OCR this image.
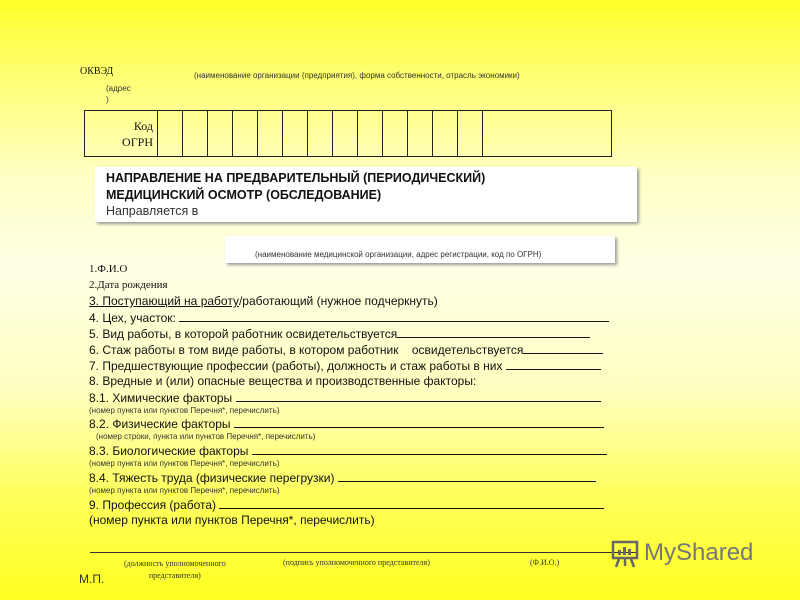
ОКВЭД	(наименование организации (предприятия), форма собственности, отрасль экономики)
(адрес
)
Код
ОГРН														
НАПРАВЛЕНИЕ НА ПРЕДВАРИТЕЛЬНЫЙ (ПЕРИОДИЧЕСКИЙ)
МЕДИЦИНСКИЙ ОСМОТР (ОБСЛЕДОВАНИЕ)
Направляется в
(наименование медицинской организации, адрес регистрации, код по ОГРН)
1.Ф.И.О
2.Дата рождения
3. Поступающий на работу/работающий (нужное подчеркнуть)
4. Цех, участок:
5. Вид работы, в которой работник освидетельствуется
6. Стаж работы в том виде работы, в котором работник    освидетельствуется
7. Предшествующие профессии (работы), должность и стаж работы в них
8. Вредные и (или) опасные вещества и производственные факторы:
8.1. Химические факторы
(номер пункта или пунктов Перечня*, перечислить)
8.2. Физические факторы
(номер строки, пункта или пунктов Перечня*, перечислить)
8.3. Биологические факторы
(номер пункта или пунктов Перечня*, перечислить)
8.4. Тяжесть труда (физические перегрузки)
(номер пункта или пунктов Перечня*, перечислить)
9. Профессия (работа)
(номер пункта или пунктов Перечня*, перечислить)
(должность уполномоченного
представителя)
(подпись уполномоченного представителя)	(Ф.И.О.)
М.П.
MyShared
